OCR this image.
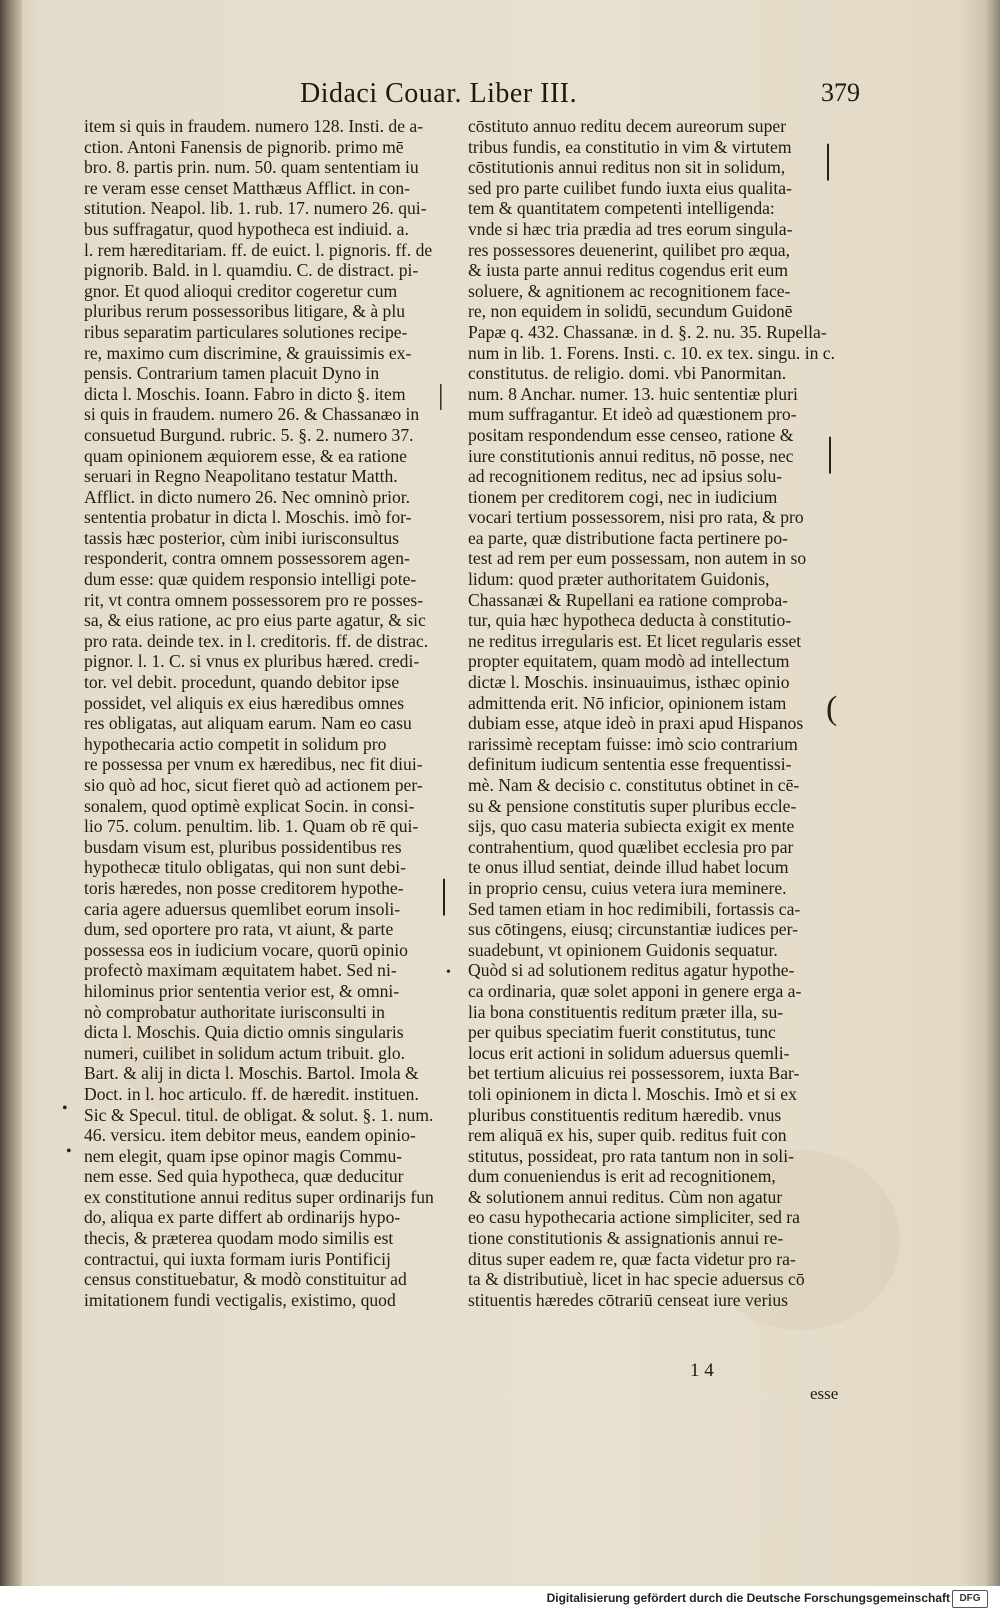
Didaci Couar. Liber III.	379
item si quis in fraudem. numero 128. Insti. de a-
ction. Antoni Fanensis de pignorib. primo mē
bro. 8. partis prin. num. 50. quam sententiam iu
re veram esse censet Matthæus Afflict. in con-
stitution. Neapol. lib. 1. rub. 17. numero 26. qui-
bus suffragatur, quod hypotheca est indiuid. a.
l. rem hæreditariam. ff. de euict. l. pignoris. ff. de
pignorib. Bald. in l. quamdiu. C. de distract. pi-
gnor. Et quod alioqui creditor cogeretur cum
pluribus rerum possessoribus litigare, & à plu
ribus separatim particulares solutiones recipe-
re, maximo cum discrimine, & grauissimis ex-
pensis. Contrarium tamen placuit Dyno in
dicta l. Moschis. Ioann. Fabro in dicto §. item
si quis in fraudem. numero 26. & Chassanæo in
consuetud Burgund. rubric. 5. §. 2. numero 37.
quam opinionem æquiorem esse, & ea ratione
seruari in Regno Neapolitano testatur Matth.
Afflict. in dicto numero 26. Nec omninò prior.
sententia probatur in dicta l. Moschis. imò for-
tassis hæc posterior, cùm inibi iurisconsultus
responderit, contra omnem possessorem agen-
dum esse: quæ quidem responsio intelligi pote-
rit, vt contra omnem possessorem pro re posses-
sa, & eius ratione, ac pro eius parte agatur, & sic
pro rata. deinde tex. in l. creditoris. ff. de distrac.
pignor. l. 1. C. si vnus ex pluribus hæred. credi-
tor. vel debit. procedunt, quando debitor ipse
possidet, vel aliquis ex eius hæredibus omnes
res obligatas, aut aliquam earum. Nam eo casu
hypothecaria actio competit in solidum pro
re possessa per vnum ex hæredibus, nec fit diui-
sio quò ad hoc, sicut fieret quò ad actionem per-
sonalem, quod optimè explicat Socin. in consi-
lio 75. colum. penultim. lib. 1. Quam ob rē qui-
busdam visum est, pluribus possidentibus res
hypothecæ titulo obligatas, qui non sunt debi-
toris hæredes, non posse creditorem hypothe-
caria agere aduersus quemlibet eorum insoli-
dum, sed oportere pro rata, vt aiunt, & parte
possessa eos in iudicium vocare, quorū opinio
profectò maximam æquitatem habet. Sed ni-
hilominus prior sententia verior est, & omni-
nò comprobatur authoritate iurisconsulti in
dicta l. Moschis. Quia dictio omnis singularis
numeri, cuilibet in solidum actum tribuit. glo.
Bart. & alij in dicta l. Moschis. Bartol. Imola &
Doct. in l. hoc articulo. ff. de hæredit. instituen.
Sic & Specul. titul. de obligat. & solut. §. 1. num.
46. versicu. item debitor meus, eandem opinio-
nem elegit, quam ipse opinor magis Commu-
nem esse. Sed quia hypotheca, quæ deducitur
ex constitutione annui reditus super ordinarijs fun
do, aliqua ex parte differt ab ordinarijs hypo-
thecis, & præterea quodam modo similis est
contractui, qui iuxta formam iuris Pontificij
census constituebatur, & modò constituitur ad
imitationem fundi vectigalis, existimo, quod
cōstituto annuo reditu decem aureorum super
tribus fundis, ea constitutio in vim & virtutem
cōstitutionis annui reditus non sit in solidum,
sed pro parte cuilibet fundo iuxta eius qualita-
tem & quantitatem competenti intelligenda:
vnde si hæc tria prædia ad tres eorum singula-
res possessores deuenerint, quilibet pro æqua,
& iusta parte annui reditus cogendus erit eum
soluere, & agnitionem ac recognitionem face-
re, non equidem in solidū, secundum Guidonē
Papæ q. 432. Chassanæ. in d. §. 2. nu. 35. Rupella-
num in lib. 1. Forens. Insti. c. 10. ex tex. singu. in c.
constitutus. de religio. domi. vbi Panormitan.
num. 8 Anchar. numer. 13. huic sententiæ pluri
mum suffragantur. Et ideò ad quæstionem pro-
positam respondendum esse censeo, ratione &
iure constitutionis annui reditus, nō posse, nec
ad recognitionem reditus, nec ad ipsius solu-
tionem per creditorem cogi, nec in iudicium
vocari tertium possessorem, nisi pro rata, & pro
ea parte, quæ distributione facta pertinere po-
test ad rem per eum possessam, non autem in so
lidum: quod præter authoritatem Guidonis,
Chassanæi & Rupellani ea ratione comproba-
tur, quia hæc hypotheca deducta à constitutio-
ne reditus irregularis est. Et licet regularis esset
propter equitatem, quam modò ad intellectum
dictæ l. Moschis. insinuauimus, isthæc opinio
admittenda erit. Nō inficior, opinionem istam
dubiam esse, atque ideò in praxi apud Hispanos
rarissimè receptam fuisse: imò scio contrarium
definitum iudicum sententia esse frequentissi-
mè. Nam & decisio c. constitutus obtinet in cē-
su & pensione constitutis super pluribus eccle-
sijs, quo casu materia subiecta exigit ex mente
contrahentium, quod quælibet ecclesia pro par
te onus illud sentiat, deinde illud habet locum
in proprio censu, cuius vetera iura meminere.
Sed tamen etiam in hoc redimibili, fortassis ca-
sus cōtingens, eiusq; circunstantiæ iudices per-
suadebunt, vt opinionem Guidonis sequatur.
Quòd si ad solutionem reditus agatur hypothe-
ca ordinaria, quæ solet apponi in genere erga a-
lia bona constituentis reditum præter illa, su-
per quibus speciatim fuerit constitutus, tunc
locus erit actioni in solidum aduersus quemli-
bet tertium alicuius rei possessorem, iuxta Bar-
toli opinionem in dicta l. Moschis. Imò et si ex
pluribus constituentis reditum hæredib. vnus
rem aliquā ex his, super quib. reditus fuit con
stitutus, possideat, pro rata tantum non in soli-
dum conueniendus is erit ad recognitionem,
& solutionem annui reditus. Cùm non agatur
eo casu hypothecaria actione simpliciter, sed ra
tione constitutionis & assignationis annui re-
ditus super eadem re, quæ facta videtur pro ra-
ta & distributiuè, licet in hac specie aduersus cō
stituentis hæredes cōtrariū censeat iure verius
|
|
|
|
(
•
•
•
1 4
esse
Digitalisierung gefördert durch die Deutsche Forschungsgemeinschaft DFG
